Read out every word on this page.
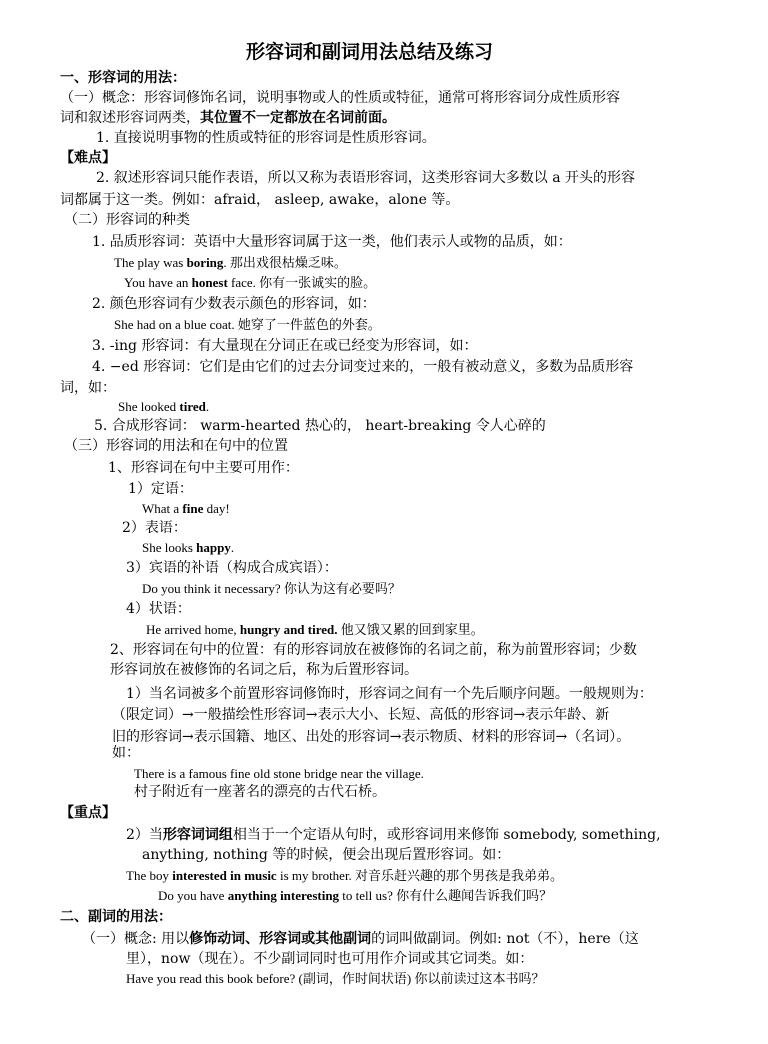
形容词和副词用法总结及练习
一、形容词的用法：
（一）概念：形容词修饰名词，说明事物或人的性质或特征，通常可将形容词分成性质形容
词和叙述形容词两类，其位置不一定都放在名词前面。
1. 直接说明事物的性质或特征的形容词是性质形容词。
【难点】
2. 叙述形容词只能作表语，所以又称为表语形容词，这类形容词大多数以 a 开头的形容
词都属于这一类。例如：afraid， asleep, awake，alone 等。
（二）形容词的种类
1. 品质形容词：英语中大量形容词属于这一类，他们表示人或物的品质，如：
The play was boring. 那出戏很枯燥乏味。
You have an honest face. 你有一张诚实的脸。
2. 颜色形容词有少数表示颜色的形容词，如：
She had on a blue coat. 她穿了一件蓝色的外套。
3. -ing 形容词：有大量现在分词正在或已经变为形容词，如：
4. −ed 形容词：它们是由它们的过去分词变过来的，一般有被动意义，多数为品质形容
词，如：
She looked tired.
5. 合成形容词： warm-hearted 热心的， heart-breaking 令人心碎的
（三）形容词的用法和在句中的位置
1、形容词在句中主要可用作：
1）定语：
What a fine day!
2）表语：
She looks happy.
3）宾语的补语（构成合成宾语）：
Do you think it necessary? 你认为这有必要吗？
4）状语：
He arrived home, hungry and tired. 他又饿又累的回到家里。
2、形容词在句中的位置：有的形容词放在被修饰的名词之前，称为前置形容词；少数
形容词放在被修饰的名词之后，称为后置形容词。
1）当名词被多个前置形容词修饰时，形容词之间有一个先后顺序问题。一般规则为：
（限定词）→一般描绘性形容词→表示大小、长短、高低的形容词→表示年龄、新
旧的形容词→表示国籍、地区、出处的形容词→表示物质、材料的形容词→（名词）。
如：
There is a famous fine old stone bridge near the village.
村子附近有一座著名的漂亮的古代石桥。
【重点】
2）当形容词词组相当于一个定语从句时，或形容词用来修饰 somebody, something,
anything, nothing 等的时候，便会出现后置形容词。如：
The boy interested in music is my brother. 对音乐赶兴趣的那个男孩是我弟弟。
Do you have anything interesting to tell us? 你有什么趣闻告诉我们吗？
二、副词的用法：
（一）概念: 用以修饰动词、形容词或其他副词的词叫做副词。例如: not（不），here（这
里），now（现在）。不少副词同时也可用作介词或其它词类。如：
Have you read this book before? (副词，作时间状语) 你以前读过这本书吗？
